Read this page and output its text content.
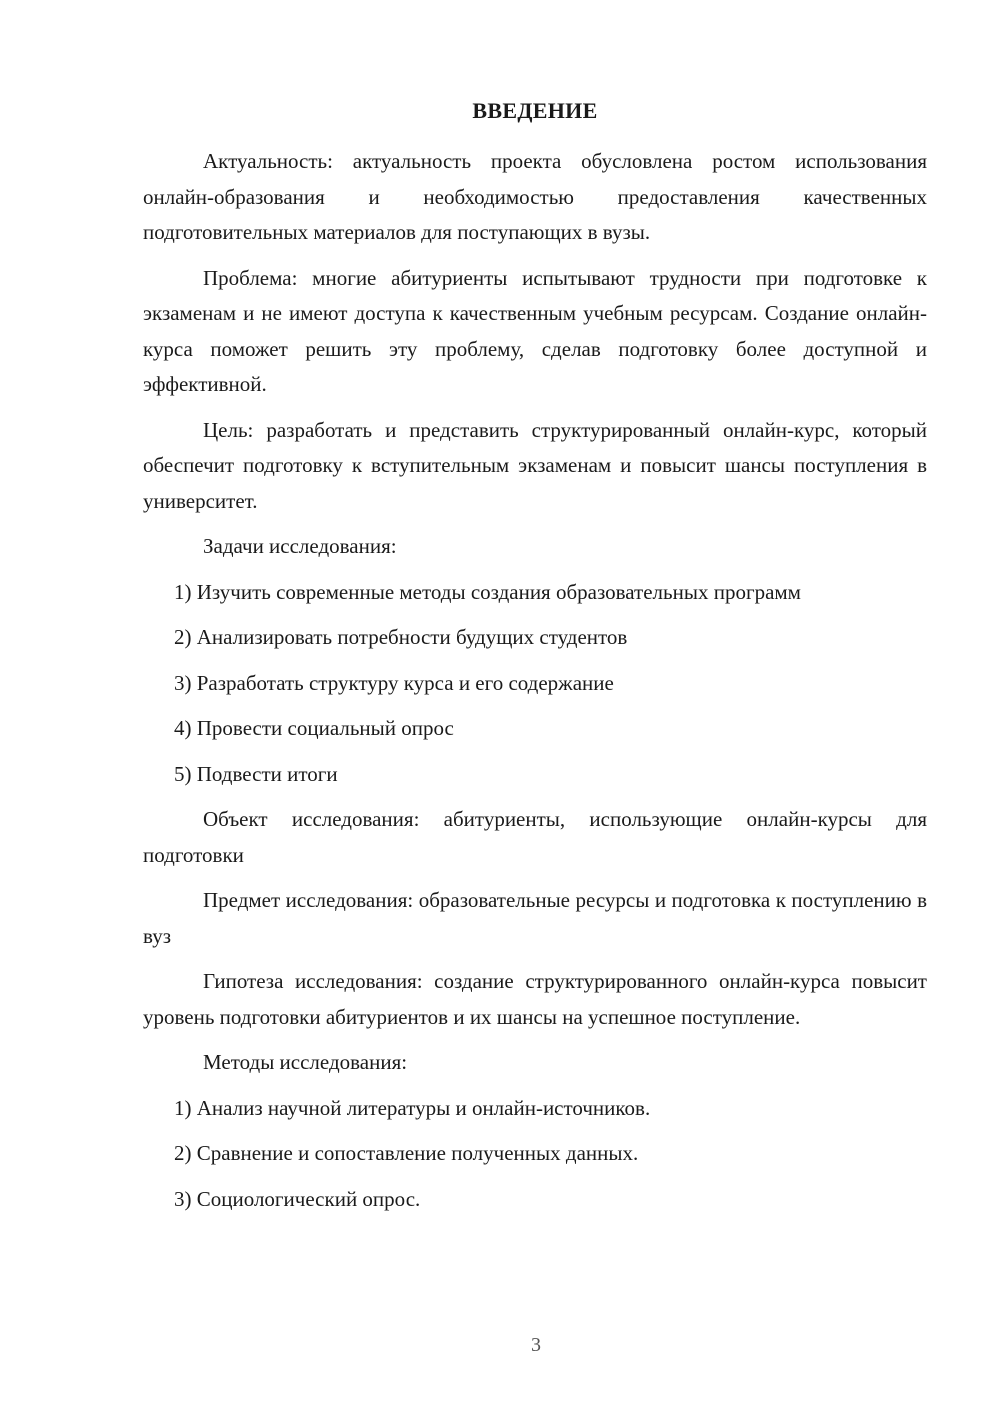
ВВЕДЕНИЕ

Актуальность: актуальность проекта обусловлена ростом использования онлайн-образования и необходимостью предоставления качественных подготовительных материалов для поступающих в вузы.

Проблема: многие абитуриенты испытывают трудности при подготовке к экзаменам и не имеют доступа к качественным учебным ресурсам. Создание онлайн-курса поможет решить эту проблему, сделав подготовку более доступной и эффективной.

Цель: разработать и представить структурированный онлайн-курс, который обеспечит подготовку к вступительным экзаменам и повысит шансы поступления в университет.

Задачи исследования:

1) Изучить современные методы создания образовательных программ

2) Анализировать потребности будущих студентов

3) Разработать структуру курса и его содержание

4) Провести социальный опрос

5) Подвести итоги

Объект исследования: абитуриенты, использующие онлайн-курсы для подготовки

Предмет исследования: образовательные ресурсы и подготовка к поступлению в вуз

Гипотеза исследования: создание структурированного онлайн-курса повысит уровень подготовки абитуриентов и их шансы на успешное поступление.

Методы исследования:

1) Анализ научной литературы и онлайн-источников.

2) Сравнение и сопоставление полученных данных.

3) Социологический опрос.

3
